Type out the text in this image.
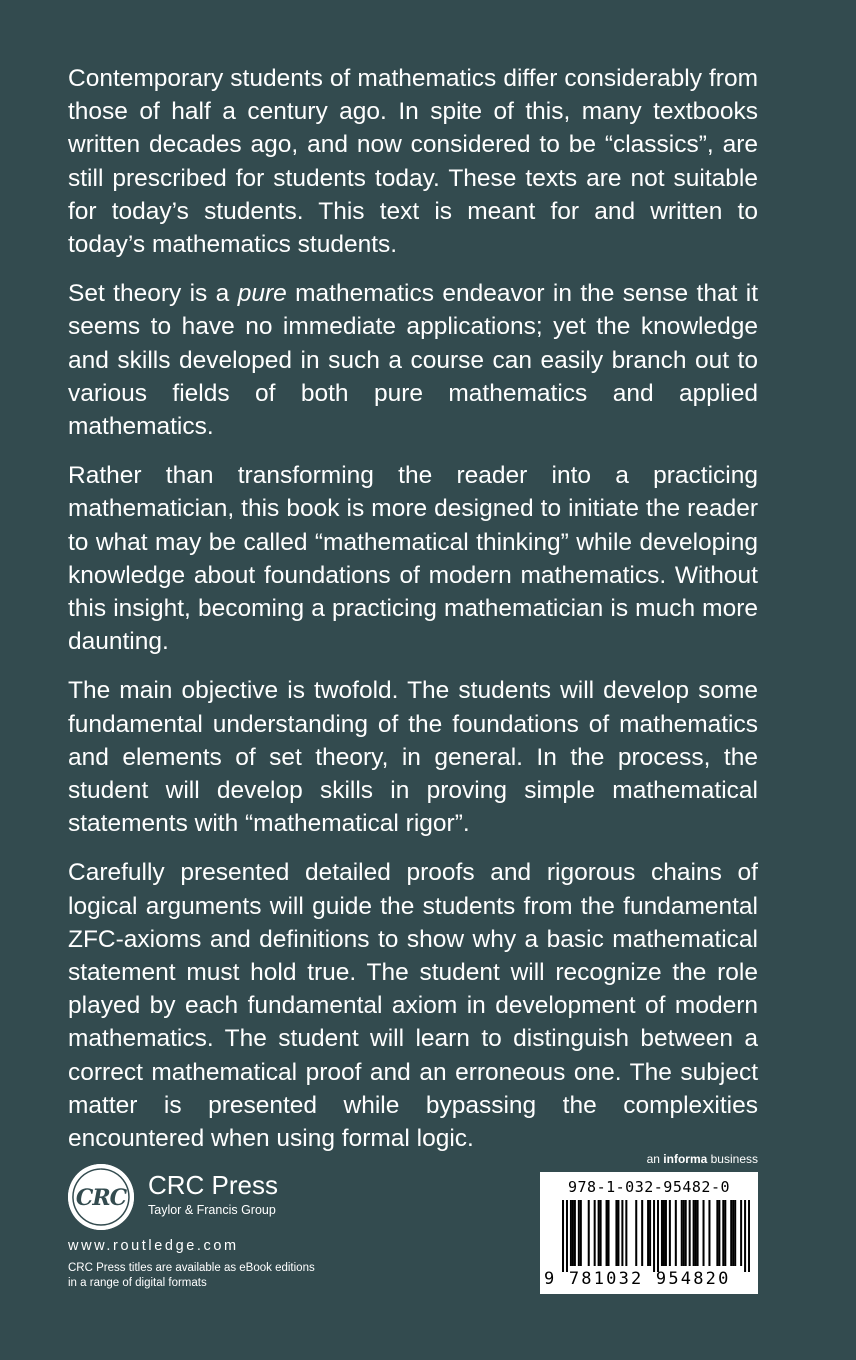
Contemporary students of mathematics differ considerably from those of half a century ago. In spite of this, many textbooks written decades ago, and now considered to be “classics”, are still prescribed for students today. These texts are not suitable for today’s students. This text is meant for and written to today’s mathematics students.

Set theory is a pure mathematics endeavor in the sense that it seems to have no immediate applications; yet the knowledge and skills developed in such a course can easily branch out to various fields of both pure mathematics and applied mathematics.

Rather than transforming the reader into a practicing mathematician, this book is more designed to initiate the reader to what may be called “mathematical thinking” while developing knowledge about foundations of modern mathematics. Without this insight, becoming a practicing mathematician is much more daunting.

The main objective is twofold. The students will develop some fundamental understanding of the foundations of mathematics and elements of set theory, in general. In the process, the student will develop skills in proving simple mathematical statements with “mathematical rigor”.

Carefully presented detailed proofs and rigorous chains of logical arguments will guide the students from the fundamental ZFC-axioms and definitions to show why a basic mathematical statement must hold true. The student will recognize the role played by each fundamental axiom in development of modern mathematics. The student will learn to distinguish between a correct mathematical proof and an erroneous one. The subject matter is presented while bypassing the complexities encountered when using formal logic.

CRC CRC Press
Taylor & Francis Group
www.routledge.com
CRC Press titles are available as eBook editions
in a range of digital formats
an informa business
978-1-032-95482-0
9 781032 954820
